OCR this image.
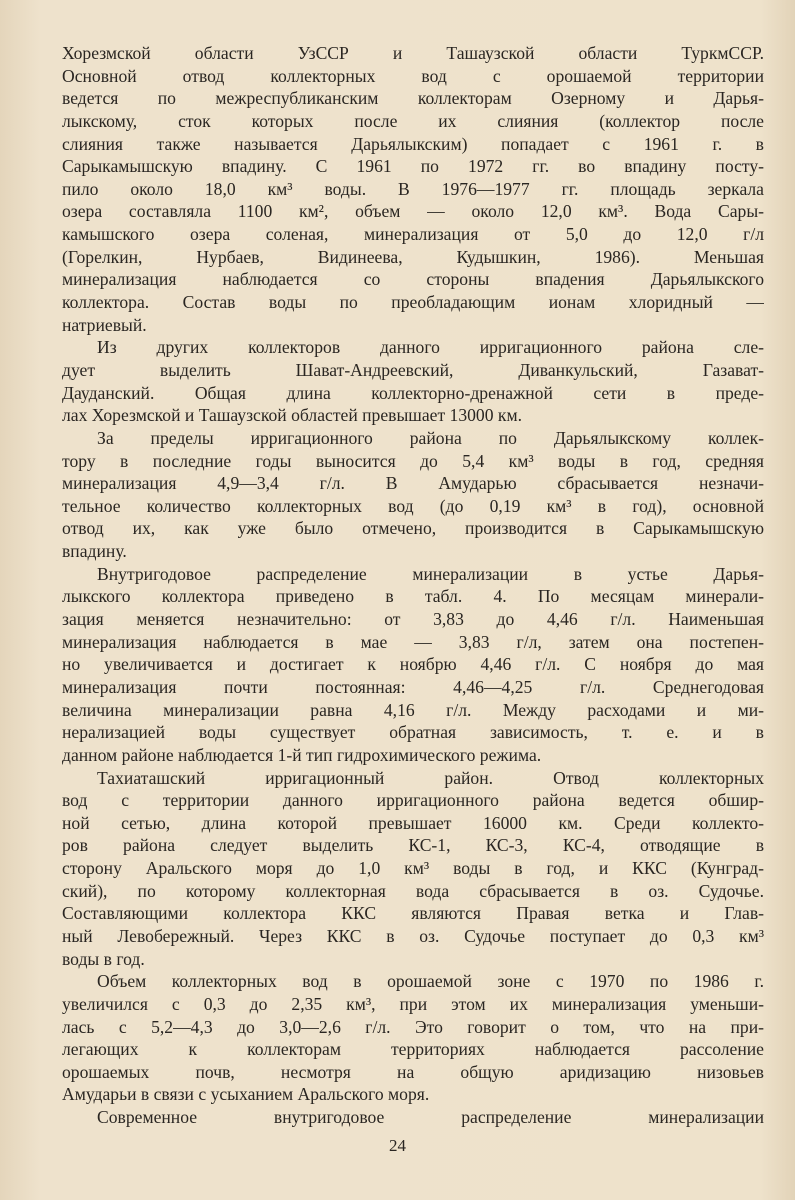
Хорезмской области УзССР и Ташаузской области ТуркмССР.
Основной отвод коллекторных вод с орошаемой территории
ведется по межреспубликанским коллекторам Озерному и Дарья-
лыкскому, сток которых после их слияния (коллектор после
слияния также называется Дарьялыкским) попадает с 1961 г. в
Сарыкамышскую впадину. С 1961 по 1972 гг. во впадину посту-
пило около 18,0 км³ воды. В 1976—1977 гг. площадь зеркала
озера составляла 1100 км², объем — около 12,0 км³. Вода Сары-
камышского озера соленая, минерализация от 5,0 до 12,0 г/л
(Горелкин, Нурбаев, Видинеева, Кудышкин, 1986). Меньшая
минерализация наблюдается со стороны впадения Дарьялыкского
коллектора. Состав воды по преобладающим ионам хлоридный —
натриевый.
Из других коллекторов данного ирригационного района сле-
дует выделить Шават-Андреевский, Диванкульский, Газават-
Дауданский. Общая длина коллекторно-дренажной сети в преде-
лах Хорезмской и Ташаузской областей превышает 13000 км.
За пределы ирригационного района по Дарьялыкскому коллек-
тору в последние годы выносится до 5,4 км³ воды в год, средняя
минерализация 4,9—3,4 г/л. В Амударью сбрасывается незначи-
тельное количество коллекторных вод (до 0,19 км³ в год), основной
отвод их, как уже было отмечено, производится в Сарыкамышскую
впадину.
Внутригодовое распределение минерализации в устье Дарья-
лыкского коллектора приведено в табл. 4. По месяцам минерали-
зация меняется незначительно: от 3,83 до 4,46 г/л. Наименьшая
минерализация наблюдается в мае — 3,83 г/л, затем она постепен-
но увеличивается и достигает к ноябрю 4,46 г/л. С ноября до мая
минерализация почти постоянная: 4,46—4,25 г/л. Среднегодовая
величина минерализации равна 4,16 г/л. Между расходами и ми-
нерализацией воды существует обратная зависимость, т. е. и в
данном районе наблюдается 1-й тип гидрохимического режима.
Тахиаташский ирригационный район. Отвод коллекторных
вод с территории данного ирригационного района ведется обшир-
ной сетью, длина которой превышает 16000 км. Среди коллекто-
ров района следует выделить КС-1, КС-3, КС-4, отводящие в
сторону Аральского моря до 1,0 км³ воды в год, и ККС (Кунград-
ский), по которому коллекторная вода сбрасывается в оз. Судочье.
Составляющими коллектора ККС являются Правая ветка и Глав-
ный Левобережный. Через ККС в оз. Судочье поступает до 0,3 км³
воды в год.
Объем коллекторных вод в орошаемой зоне с 1970 по 1986 г.
увеличился с 0,3 до 2,35 км³, при этом их минерализация уменьши-
лась с 5,2—4,3 до 3,0—2,6 г/л. Это говорит о том, что на при-
легающих к коллекторам территориях наблюдается рассоление
орошаемых почв, несмотря на общую аридизацию низовьев
Амударьи в связи с усыханием Аральского моря.
Современное внутригодовое распределение минерализации
24
